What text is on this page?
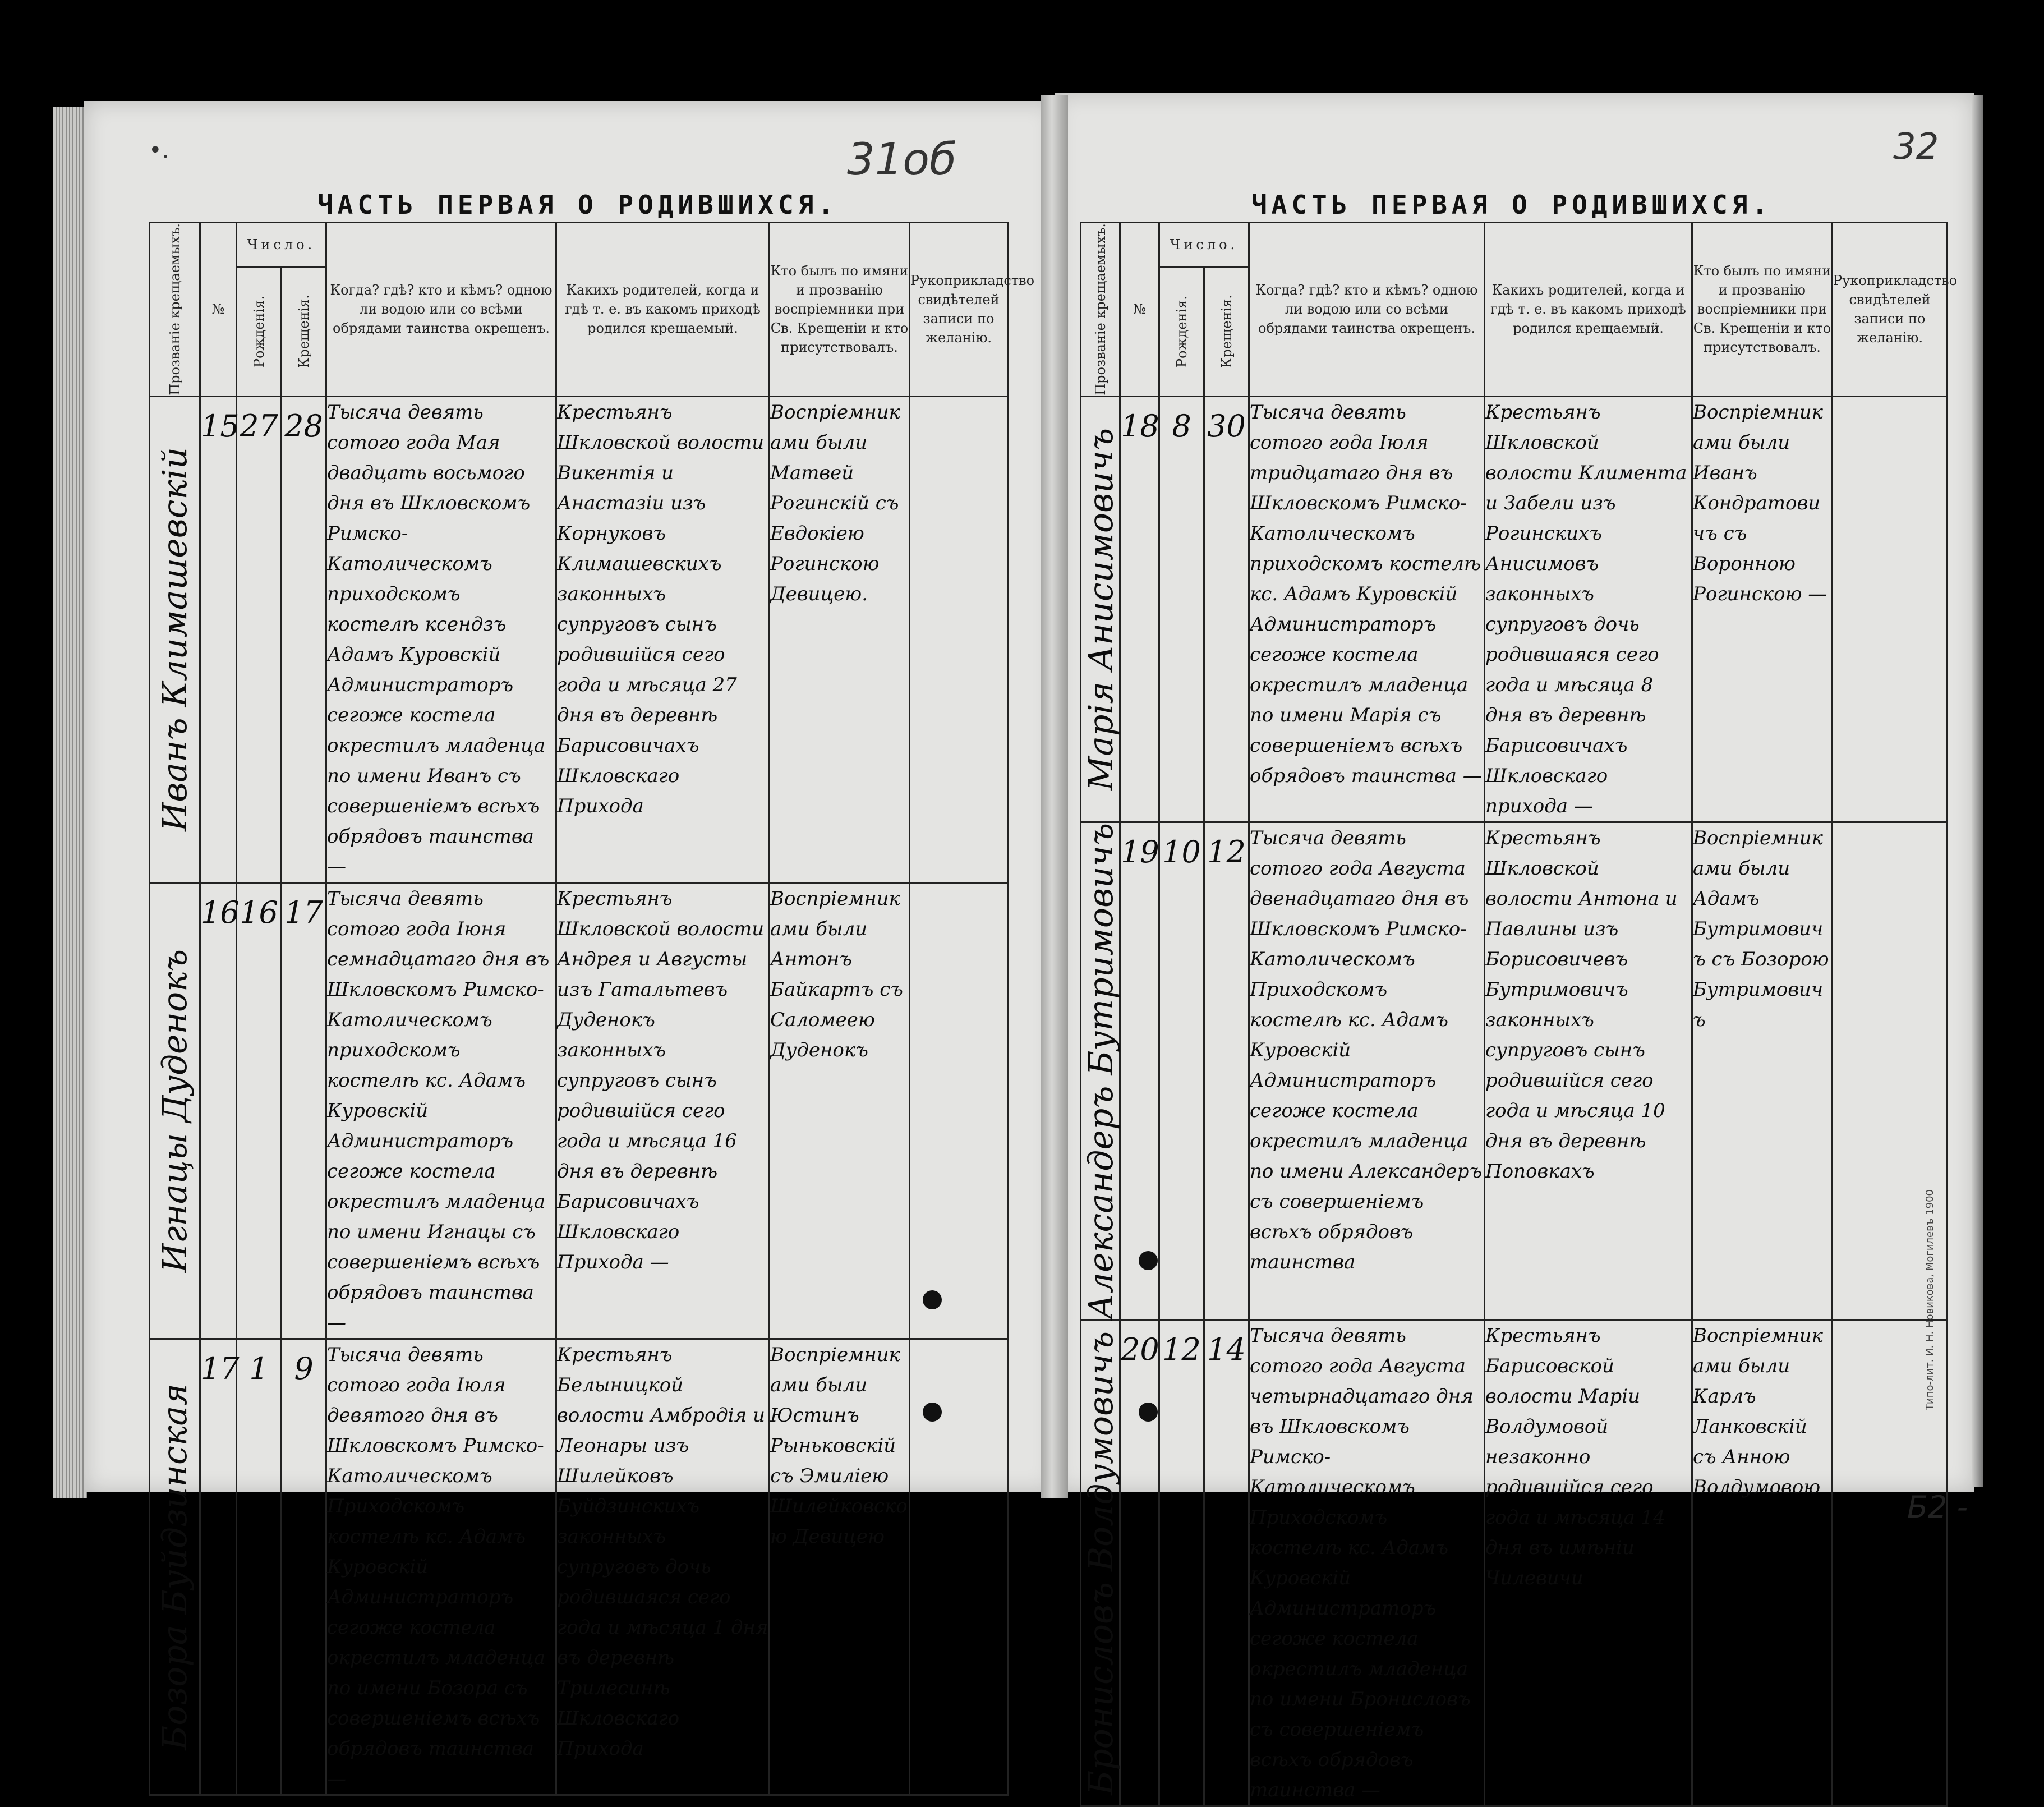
•.	31об	32
ЧАСТЬ ПЕРВАЯ О РОДИВШИХСЯ.	ЧАСТЬ ПЕРВАЯ О РОДИВШИХСЯ.
Прозваніе крещаемыхъ.	№	Число.		Когда? гдѣ? кто и кѣмъ? одною ли водою или со всѣми обрядами таинства окрещенъ.	Какихъ родителей, когда и гдѣ т. е. въ какомъ приходѣ родился крещаемый.	Кто былъ по имяни и прозванію воспріемники при Св. Крещеніи и кто присутствовалъ.	Рукоприкладство свидѣтелей записи по желанію.

		Рожденія.	Крещенія.				

Иванъ Климашевскій	15	27	28	Тысяча девять сотого года Мая двадцать восьмого дня въ Шкловскомъ Римско-Католическомъ приходскомъ костелѣ ксендзъ Адамъ Куровскій Администраторъ сегоже костела окрестилъ младенца по имени Иванъ съ совершеніемъ всѣхъ обрядовъ таинства —	Крестьянъ Шкловской волости Викентія и Анастазіи изъ Корнуковъ Климашевскихъ законныхъ супруговъ сынъ родившійся сего года и мѣсяца 27 дня въ деревнѣ Барисовичахъ Шкловскаго Прихода	Воспріемниками были Матвей Рогинскій съ Евдокіею Рогинскою Девицею.	

Игнацы Дуденокъ	16	16	17	Тысяча девять сотого года Іюня семнадцатаго дня въ Шкловскомъ Римско-Католическомъ приходскомъ костелѣ кс. Адамъ Куровскій Администраторъ сегоже костела окрестилъ младенца по имени Игнацы съ совершеніемъ всѣхъ обрядовъ таинства —	Крестьянъ Шкловской волости Андрея и Августы изъ Гатальтевъ Дуденокъ законныхъ супруговъ сынъ родившійся сего года и мѣсяца 16 дня въ деревнѣ Барисовичахъ Шкловскаго Прихода —	Воспріемниками были Антонъ Байкартъ съ Саломеею Дуденокъ	

Бозора Буйдзинская	17	1	9	Тысяча девять сотого года Іюля девятого дня въ Шкловскомъ Римско-Католическомъ Приходскомъ костелѣ кс. Адамъ Куровскій Администраторъ сегоже костела окрестилъ младенца по имени Бозора съ совершеніемъ всѣхъ обрядовъ таинства —	Крестьянъ Белыницкой волости Амбродія и Леонары изъ Шилейковъ Буйдзинскихъ законныхъ супруговъ дочь родившаяся сего года и мѣсяца 1 дня въ деревнѣ Трилесинѣ Шкловскаго Прихода	Воспріемниками были Юстинъ Рыньковскій съ Эмиліею Шилейковскою Девицею	
Прозваніе крещаемыхъ.	№	Число.		Когда? гдѣ? кто и кѣмъ? одною ли водою или со всѣми обрядами таинства окрещенъ.	Какихъ родителей, когда и гдѣ т. е. въ какомъ приходѣ родился крещаемый.	Кто былъ по имяни и прозванію воспріемники при Св. Крещеніи и кто присутствовалъ.	Рукоприкладство свидѣтелей записи по желанію.

		Рожденія.	Крещенія.				

Марія Анисимовичъ	18	8	30	Тысяча девять сотого года Іюля тридцатаго дня въ Шкловскомъ Римско-Католическомъ приходскомъ костелѣ кс. Адамъ Куровскій Администраторъ сегоже костела окрестилъ младенца по имени Марія съ совершеніемъ всѣхъ обрядовъ таинства —	Крестьянъ Шкловской волости Климента и Забели изъ Рогинскихъ Анисимовъ законныхъ супруговъ дочь родившаяся сего года и мѣсяца 8 дня въ деревнѣ Барисовичахъ Шкловскаго прихода —	Воспріемниками были Иванъ Кондратовичъ съ Воронною Рогинскою —	

Александеръ Бутримовичъ	19	10	12	Тысяча девять сотого года Августа двенадцатаго дня въ Шкловскомъ Римско-Католическомъ Приходскомъ костелѣ кс. Адамъ Куровскій Администраторъ сегоже костела окрестилъ младенца по имени Александеръ съ совершеніемъ всѣхъ обрядовъ таинства	Крестьянъ Шкловской волости Антона и Павлины изъ Борисовичевъ Бутримовичъ законныхъ супруговъ сынъ родившійся сего года и мѣсяца 10 дня въ деревнѣ Поповкахъ	Воспріемниками были Адамъ Бутримовичъ съ Бозорою Бутримовичъ	

Бронисловъ Волдумовичъ	20	12	14	Тысяча девять сотого года Августа четырнадцатаго дня въ Шкловскомъ Римско-Католическомъ Приходскомъ костелѣ кс. Адамъ Куровскій Администраторъ сегоже костела окрестилъ младенца по имени Бронисловъ съ совершеніемъ всѣхъ обрядовъ таинства —	Крестьянъ Барисовской волости Маріи Волдумовой незаконно родившійся сего года и мѣсяца 14 дня въ имѣніи Чилевичи	Воспріемниками были Карлъ Ланковскій съ Анною Волдумовою	
Типо-лит. И. Н. Новикова, Могилевъ 1900
Б2 -
